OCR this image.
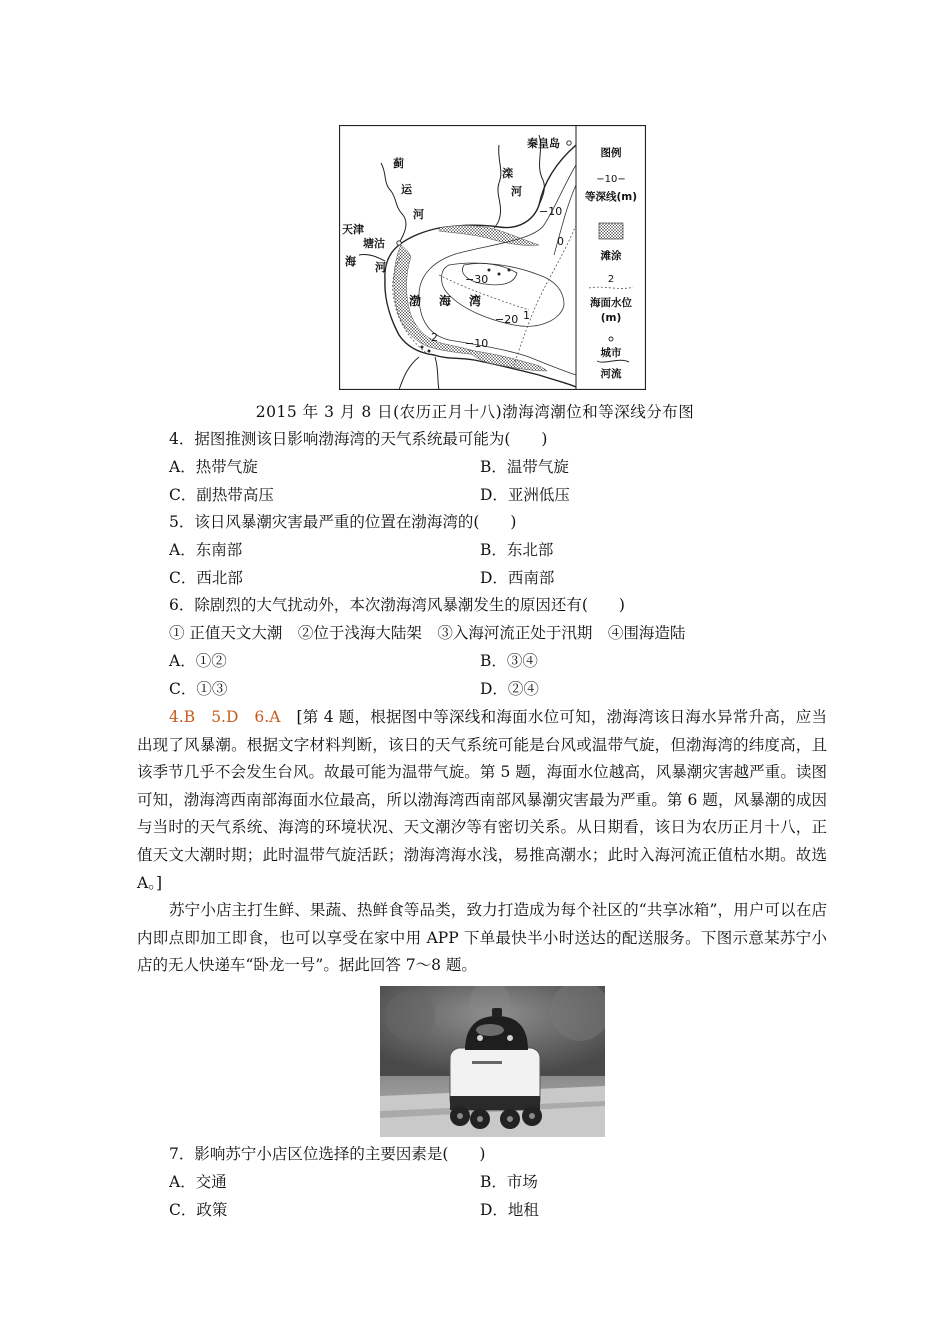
秦皇岛
蓟
运
河
滦
河
天津
塘沽
海 河
渤 海 湾
−10
0
−30
−20 1
2 −10
图例
−10−
等深线(m)
滩涂
2
海面水位
(m)
城市
河流
2015 年 3 月 8 日(农历正月十八)渤海湾潮位和等深线分布图
4．据图推测该日影响渤海湾的天气系统最可能为(　　)
A．热带气旋	B．温带气旋
C．副热带高压	D．亚洲低压
5．该日风暴潮灾害最严重的位置在渤海湾的(　　)
A．东南部	B．东北部
C．西北部	D．西南部
6．除剧烈的大气扰动外，本次渤海湾风暴潮发生的原因还有(　　)
① 正值天文大潮　②位于浅海大陆架　③入海河流正处于汛期　④围海造陆
A．①②	B．③④
C．①③	D．②④

4.B　5.D　6.A　[第 4 题，根据图中等深线和海面水位可知，渤海湾该日海水异常升高，应当出现了风暴潮。根据文字材料判断，该日的天气系统可能是台风或温带气旋，但渤海湾的纬度高，且该季节几乎不会发生台风。故最可能为温带气旋。第 5 题，海面水位越高，风暴潮灾害越严重。读图可知，渤海湾西南部海面水位最高，所以渤海湾西南部风暴潮灾害最为严重。第 6 题，风暴潮的成因与当时的天气系统、海湾的环境状况、天文潮汐等有密切关系。从日期看，该日为农历正月十八，正值天文大潮时期；此时温带气旋活跃；渤海湾海水浅，易推高潮水；此时入海河流正值枯水期。故选 A。]

苏宁小店主打生鲜、果蔬、热鲜食等品类，致力打造成为每个社区的“共享冰箱”，用户可以在店内即点即加工即食，也可以享受在家中用 APP 下单最快半小时送达的配送服务。下图示意某苏宁小店的无人快递车“卧龙一号”。据此回答 7～8 题。

7．影响苏宁小店区位选择的主要因素是(　　)
A．交通	B．市场
C．政策	D．地租
